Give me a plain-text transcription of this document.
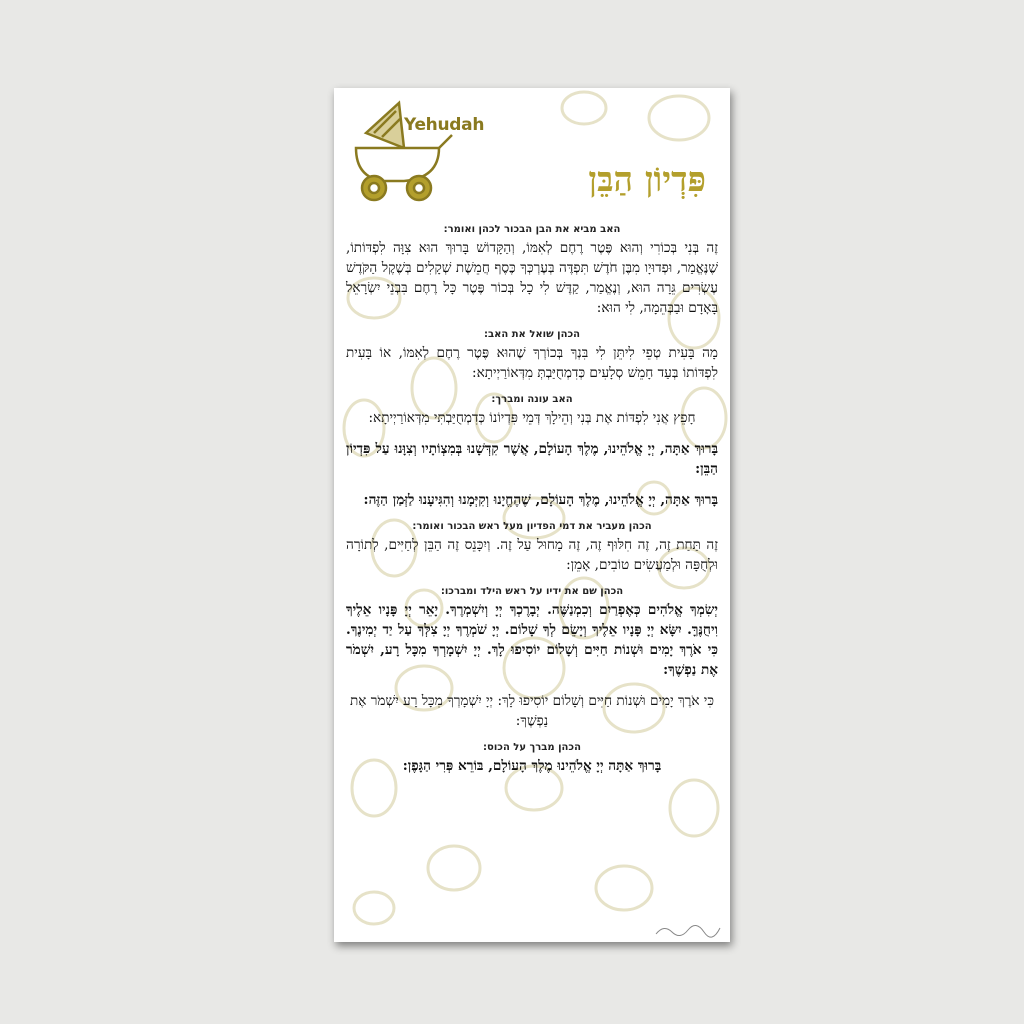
Yehudah
פִּדְיוֹן הַבֵּן
האב מביא את הבן הבכור לכהן ואומר:
זֶה בְּנִי בְּכוֹרִי וְהוּא פֶּטֶר רֶחֶם לְאִמּוֹ, וְהַקָּדוֹשׁ בָּרוּךְ הוּא צִוָּה לִפְדּוֹתוֹ, שֶׁנֶּאֱמַר, וּפְדוּיָו מִבֶּן חֹדֶשׁ תִּפְדֶּה בְּעֶרְכְּךָ כֶּסֶף חֲמֵשֶׁת שְׁקָלִים בְּשֶׁקֶל הַקֹּדֶשׁ עֶשְׂרִים גֵּרָה הוּא, וְנֶאֱמַר, קַדֶּשׁ לִי כָל בְּכוֹר פֶּטֶר כָּל רֶחֶם בִּבְנֵי יִשְׂרָאֵל בָּאָדָם וּבַבְּהֵמָה, לִי הוּא:
הכהן שואל את האב:
מָה בָּעִית טְפֵי לִיתֵּן לִי בִּנְךָ בְּכוֹרְךָ שֶׁהוּא פֶּטֶר רֶחֶם לְאִמּוֹ, אוֹ בָּעִית לִפְדּוֹתוֹ בְּעַד חָמֵשׁ סְלָעִים כְּדִמְחֻיַּבְתְּ מִדְּאוֹרַיְיתָא:
האב עונה ומברך:
חָפֵץ אֲנִי לִפְדּוֹת אֶת בְּנִי וְהֵילָךְ דְּמֵי פִּדְיוֹנוֹ כְּדִמְחֻיַּבְתִּי מִדְּאוֹרַיְיתָא:
בָּרוּךְ אַתָּה, יְיָ אֱלֹהֵינוּ, מֶלֶךְ הָעוֹלָם, אֲשֶׁר קִדְּשָׁנוּ בְּמִצְוֹתָיו וְצִוָּנוּ עַל פִּדְיוֹן הַבֵּן:
בָּרוּךְ אַתָּה, יְיָ אֱלֹהֵינוּ, מֶלֶךְ הָעוֹלָם, שֶׁהֶחֱיָנוּ וְקִיְּמָנוּ וְהִגִּיעָנוּ לַזְּמַן הַזֶּה:
הכהן מעביר את דמי הפדיון מעל ראש הבכור ואומר:
זֶה תַּחַת זֶה, זֶה חִלּוּף זֶה, זֶה מָחוּל עַל זֶה. וְיִכָּנֵס זֶה הַבֵּן לְחַיִּים, לְתוֹרָה וּלְחֻפָּה וּלְמַעֲשִׂים טוֹבִים, אָמֵן:
הכהן שם את ידיו על ראש הילד ומברכו:
יְשִׂמְךָ אֱלֹהִים כְּאֶפְרַיִם וְכִמְנַשֶּׁה. יְבָרֶכְךָ יְיָ וְיִשְׁמְרֶךָ. יָאֵר יְיָ פָּנָיו אֵלֶיךָ וִיחֻנֶּךָּ. יִשָּׂא יְיָ פָּנָיו אֵלֶיךָ וְיָשֵׂם לְךָ שָׁלוֹם. יְיָ שֹׁמְרֶךָ יְיָ צִלְּךָ עַל יַד יְמִינֶךָ. כִּי אֹרֶךְ יָמִים וּשְׁנוֹת חַיִּים וְשָׁלוֹם יוֹסִיפוּ לָךְ. יְיָ יִשְׁמָרְךָ מִכָּל רָע, יִשְׁמֹר אֶת נַפְשֶׁךָ:
כִּי אֹרֶךְ יָמִים וּשְׁנוֹת חַיִּים וְשָׁלוֹם יוֹסִיפוּ לָךְ: יְיָ יִשְׁמָרְךָ מִכָּל רָע יִשְׁמֹר אֶת נַפְשֶׁךָ:
הכהן מברך על הכוס:
בָּרוּךְ אַתָּה יְיָ אֱלֹהֵינוּ מֶלֶךְ הָעוֹלָם, בּוֹרֵא פְּרִי הַגָּפֶן:
